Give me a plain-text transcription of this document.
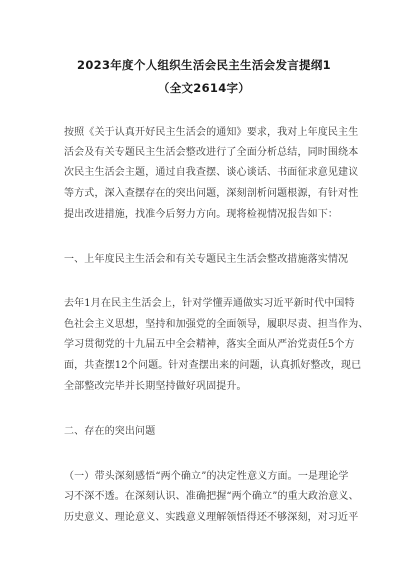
2023年度个人组织生活会民主生活会发言提纲1
（全文2614字）
按照《关于认真开好民主生活会的通知》要求，我对上年度民主生
活会及有关专题民主生活会整改进行了全面分析总结，同时围绕本
次民主生活会主题，通过自我查摆、谈心谈话、书面征求意见建议
等方式，深入查摆存在的突出问题，深刻剖析问题根源，有针对性
提出改进措施，找准今后努力方向。现将检视情况报告如下：
一、上年度民主生活会和有关专题民主生活会整改措施落实情况
去年1月在民主生活会上，针对学懂弄通做实习近平新时代中国特
色社会主义思想，坚持和加强党的全面领导，履职尽责、担当作为、
学习贯彻党的十九届五中全会精神，落实全面从严治党责任5个方
面，共查摆12个问题。针对查摆出来的问题，认真抓好整改，现已
全部整改完毕并长期坚持做好巩固提升。
二、存在的突出问题
（一）带头深刻感悟“两个确立”的决定性意义方面。一是理论学
习不深不透。在深刻认识、准确把握“两个确立”的重大政治意义、
历史意义、理论意义、实践意义理解领悟得还不够深刻，对习近平
